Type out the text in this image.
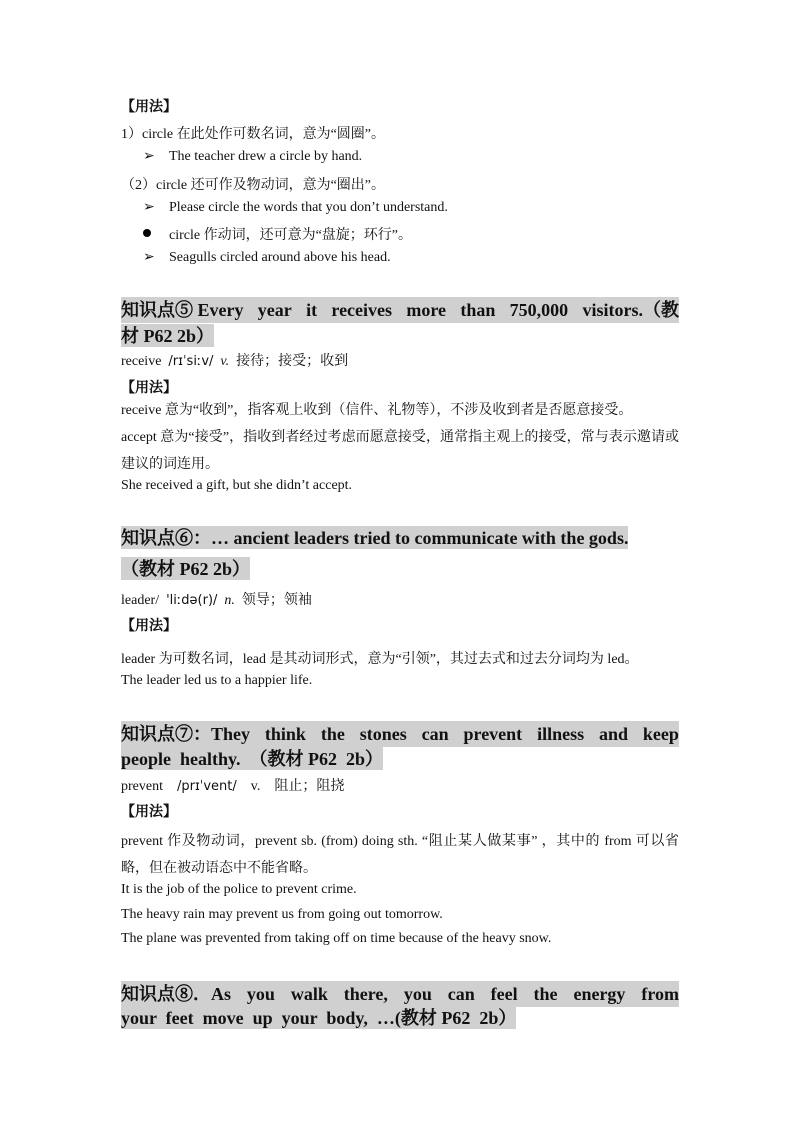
【用法】
1）circle 在此处作可数名词，意为“圆圈”。
➢ The teacher drew a circle by hand.
（2）circle 还可作及物动词，意为“圈出”。
➢ Please circle the words that you don’t understand.
circle 作动词，还可意为“盘旋；环行”。
➢ Seagulls circled around above his head.
知识点⑤ Every year it receives more than 750,000 visitors.（教
材 P62 2b）
receive /rɪˈsiːv/ v. 接待；接受；收到
【用法】
receive 意为“收到”，指客观上收到（信件、礼物等），不涉及收到者是否愿意接受。
accept 意为“接受”，指收到者经过考虑而愿意接受，通常指主观上的接受，常与表示邀请或建议的词连用。
She received a gift, but she didn’t accept.
知识点⑥：… ancient leaders tried to communicate with the gods.
（教材 P62 2b）
leader/ 'liːdə(r)/ n. 领导；领袖
【用法】
leader 为可数名词，lead 是其动词形式，意为“引领”，其过去式和过去分词均为 led。
The leader led us to a happier life.
知识点⑦：They think the stones can prevent illness and keep
people  healthy.  （教材 P62  2b）
prevent /prɪˈvent/ v. 阻止；阻挠
【用法】
prevent 作及物动词，prevent sb. (from) doing sth. “阻止某人做某事” ，其中的 from 可以省略，但在被动语态中不能省略。
It is the job of the police to prevent crime.
The heavy rain may prevent us from going out tomorrow.
The plane was prevented from taking off on time because of the heavy snow.
知识点⑧．As you walk there, you can feel the energy from
your  feet  move  up  your  body,  …(教材 P62  2b）
